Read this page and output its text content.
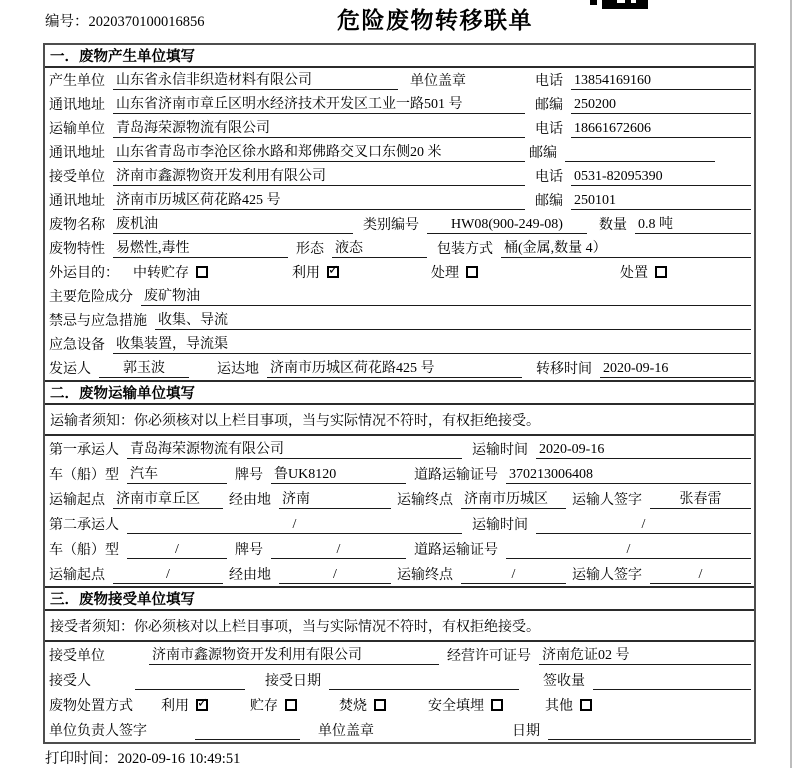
编号：2020370100016856	危险废物转移联单
一．废物产生单位填写
产生单位 山东省永信非织造材料有限公司	单位盖章	电话 13854169160
通讯地址 山东省济南市章丘区明水经济技术开发区工业一路501 号	邮编 250200
运输单位 青岛海荣源物流有限公司	电话 18661672606
通讯地址 山东省青岛市李沧区徐水路和郑佛路交叉口东侧20 米	邮编
接受单位 济南市鑫源物资开发利用有限公司	电话 0531-82095390
通讯地址 济南市历城区荷花路425 号	邮编 250101
废物名称 废机油	类别编号	HW08(900-249-08)	数量 0.8 吨
废物特性 易燃性,毒性	形态 液态	包装方式 桶(金属,数量 4）
外运目的： 中转贮存	利用 ✓	处理	处置
主要危险成分 废矿物油
禁忌与应急措施 收集、导流
应急设备 收集装置，导流渠
发运人	郭玉波	运达地 济南市历城区荷花路425 号	转移时间 2020-09-16
二．废物运输单位填写
运输者须知：你必须核对以上栏目事项，当与实际情况不符时，有权拒绝接受。
第一承运人 青岛海荣源物流有限公司	运输时间 2020-09-16
车（船）型 汽车	牌号 鲁UK8120	道路运输证号 370213006408
运输起点 济南市章丘区	经由地 济南	运输终点 济南市历城区	运输人签字	张春雷
第二承运人	/	运输时间	/
车（船）型	/	牌号	/	道路运输证号	/
运输起点	/	经由地	/	运输终点	/	运输人签字	/
三．废物接受单位填写
接受者须知：你必须核对以上栏目事项，当与实际情况不符时，有权拒绝接受。
接受单位	济南市鑫源物资开发利用有限公司	经营许可证号 济南危证02 号
接受人	接受日期	签收量
废物处置方式 利用 ✓	贮存	焚烧	安全填埋	其他
单位负责人签字	单位盖章	日期
打印时间：2020-09-16 10:49:51
